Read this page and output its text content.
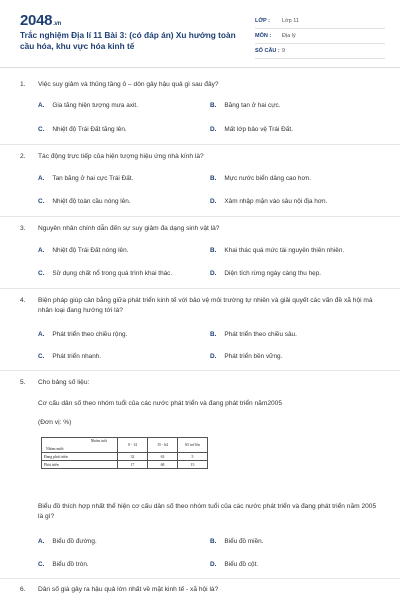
2048.vn
Trắc nghiệm Địa lí 11 Bài 3: (có đáp án) Xu hướng toàn cầu hóa, khu vực hóa kinh tế
LỚP : Lớp 11
MÔN : Địa lý
SỐ CÂU : 9
1. Việc suy giảm và thủng tầng ô – dôn gây hậu quả gì sau đây?
A. Gia tăng hiện tượng mưa axit.	B. Băng tan ở hai cực.
C. Nhiệt độ Trái Đất tăng lên.	D. Mất lớp bảo vệ Trái Đất.
2. Tác động trực tiếp của hiện tượng hiệu ứng nhà kính là?
A. Tan băng ở hai cực Trái Đất.	B. Mực nước biển dâng cao hơn.
C. Nhiệt độ toàn cầu nóng lên.	D. Xâm nhập mặn vào sâu nội địa hơn.
3. Nguyên nhân chính dẫn đến sự suy giảm đa dạng sinh vật là?
A. Nhiệt độ Trái Đất nóng lên.	B. Khai thác quá mức tài nguyên thiên nhiên.
C. Sử dụng chất nổ trong quá trình khai thác.	D. Diện tích rừng ngày càng thu hẹp.
4. Biện pháp giúp cân bằng giữa phát triển kinh tế với bảo vệ môi trường tự nhiên và giải quyết các vấn đề xã hội mà nhân loại đang hướng tới là?
A. Phát triển theo chiều rộng.	B. Phát triển theo chiều sâu.
C. Phát triển nhanh.	D. Phát triển bền vững.
5. Cho bảng số liệu:
Cơ cấu dân số theo nhóm tuổi của các nước phát triển và đang phát triển năm2005
(Đơn vị: %)
Nhóm tuổi
Nhóm nước	0 - 14	15 - 64	65 trở lên
Đang phát triển	32	63	5
Phát triển	17	68	15
Biểu đồ thích hợp nhất thể hiện cơ cấu dân số theo nhóm tuổi của các nước phát triển và đang phát triển năm 2005 là gì?
A. Biểu đồ đường.	B. Biểu đồ miền.
C. Biểu đồ tròn.	D. Biểu đồ cột.
6. Dân số già gây ra hậu quả lớn nhất về mặt kinh tế - xã hội là?
